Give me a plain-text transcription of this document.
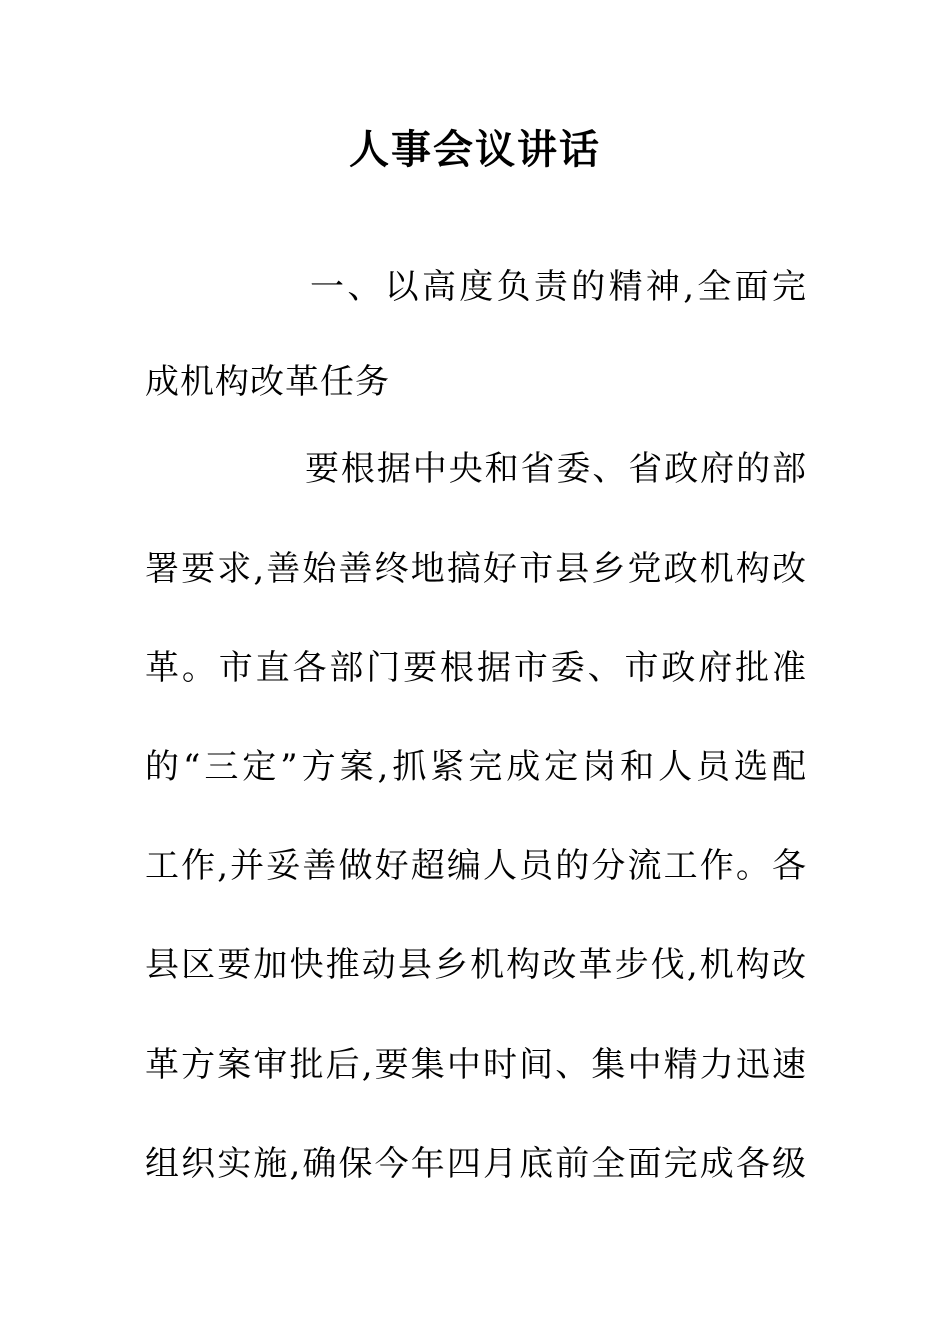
人事会议讲话
一、以高度负责的精神,全面完
成机构改革任务
要根据中央和省委、省政府的部
署要求,善始善终地搞好市县乡党政机构改
革。市直各部门要根据市委、市政府批准
的“三定”方案,抓紧完成定岗和人员选配
工作,并妥善做好超编人员的分流工作。各
县区要加快推动县乡机构改革步伐,机构改
革方案审批后,要集中时间、集中精力迅速
组织实施,确保今年四月底前全面完成各级
